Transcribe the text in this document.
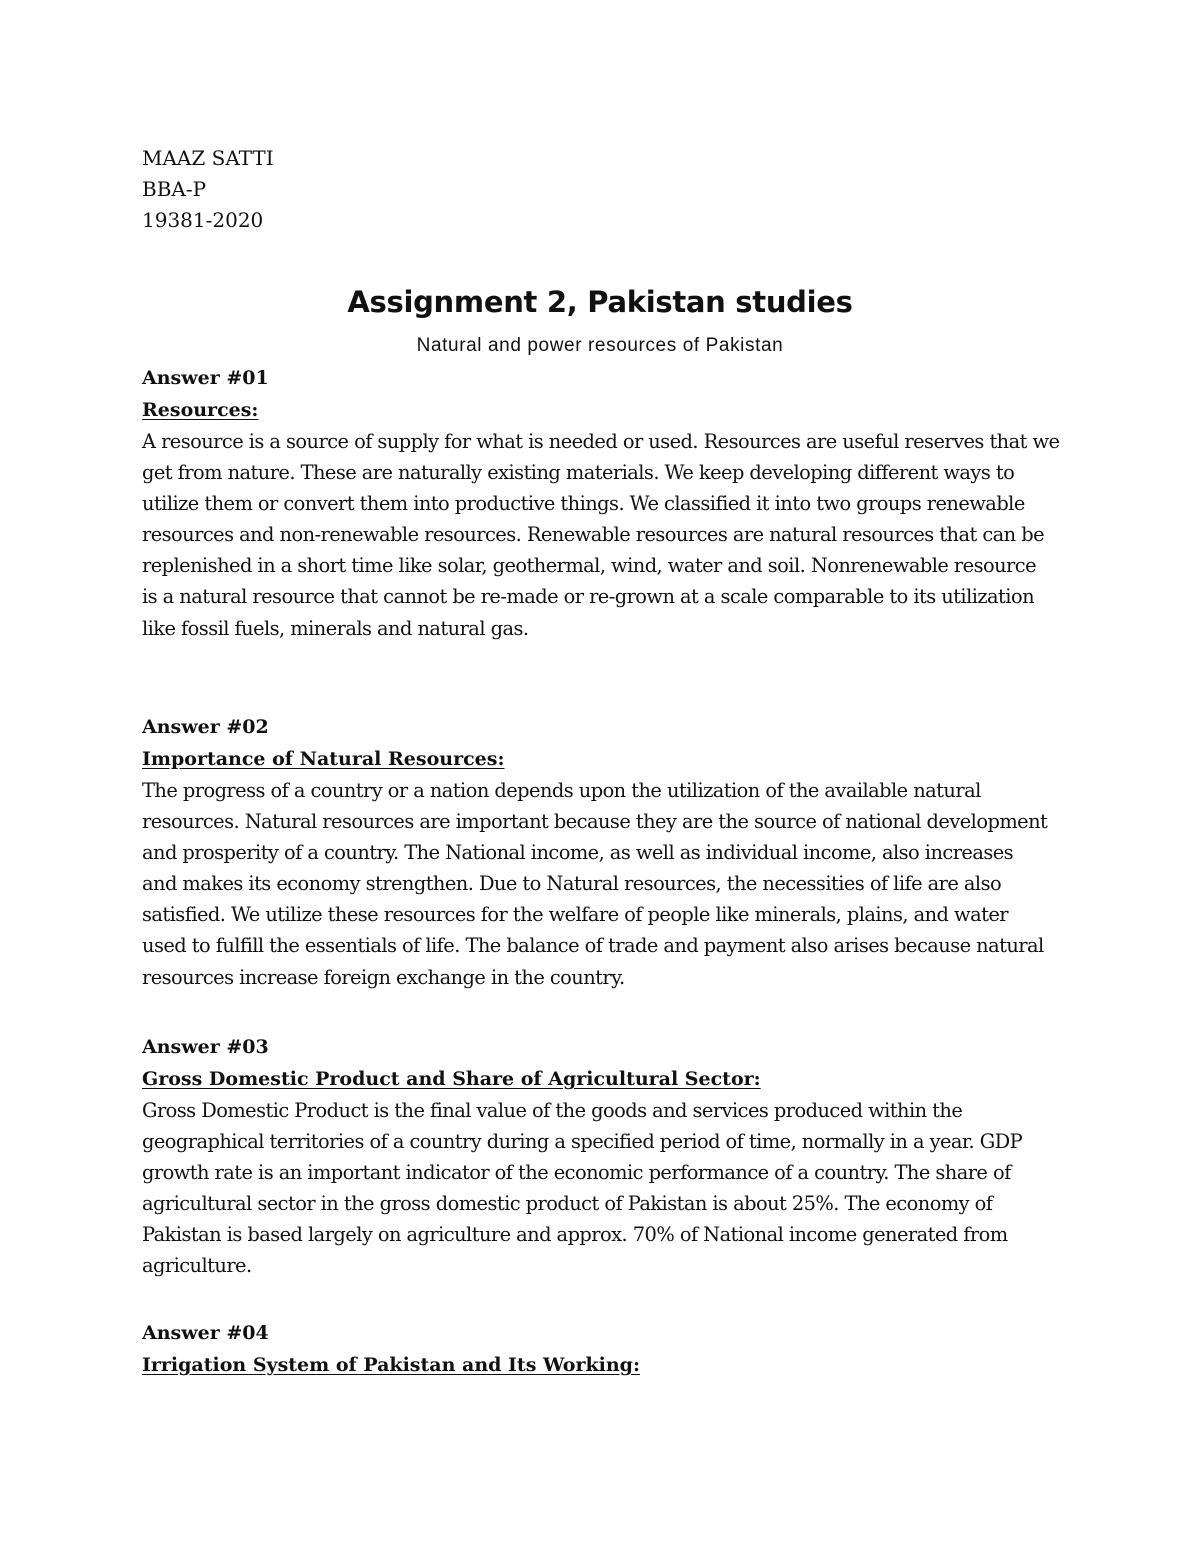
MAAZ SATTI
BBA-P
19381-2020
Assignment 2, Pakistan studies
Natural and power resources of Pakistan
Answer #01
Resources:
A resource is a source of supply for what is needed or used. Resources are useful reserves that we
get from nature. These are naturally existing materials. We keep developing different ways to
utilize them or convert them into productive things. We classified it into two groups renewable
resources and non-renewable resources. Renewable resources are natural resources that can be
replenished in a short time like solar, geothermal, wind, water and soil. Nonrenewable resource
is a natural resource that cannot be re-made or re-grown at a scale comparable to its utilization
like fossil fuels, minerals and natural gas.
Answer #02
Importance of Natural Resources:
The progress of a country or a nation depends upon the utilization of the available natural
resources. Natural resources are important because they are the source of national development
and prosperity of a country. The National income, as well as individual income, also increases
and makes its economy strengthen. Due to Natural resources, the necessities of life are also
satisfied. We utilize these resources for the welfare of people like minerals, plains, and water
used to fulfill the essentials of life. The balance of trade and payment also arises because natural
resources increase foreign exchange in the country.
Answer #03
Gross Domestic Product and Share of Agricultural Sector:
Gross Domestic Product is the final value of the goods and services produced within the
geographical territories of a country during a specified period of time, normally in a year. GDP
growth rate is an important indicator of the economic performance of a country. The share of
agricultural sector in the gross domestic product of Pakistan is about 25%. The economy of
Pakistan is based largely on agriculture and approx. 70% of National income generated from
agriculture.
Answer #04
Irrigation System of Pakistan and Its Working:
